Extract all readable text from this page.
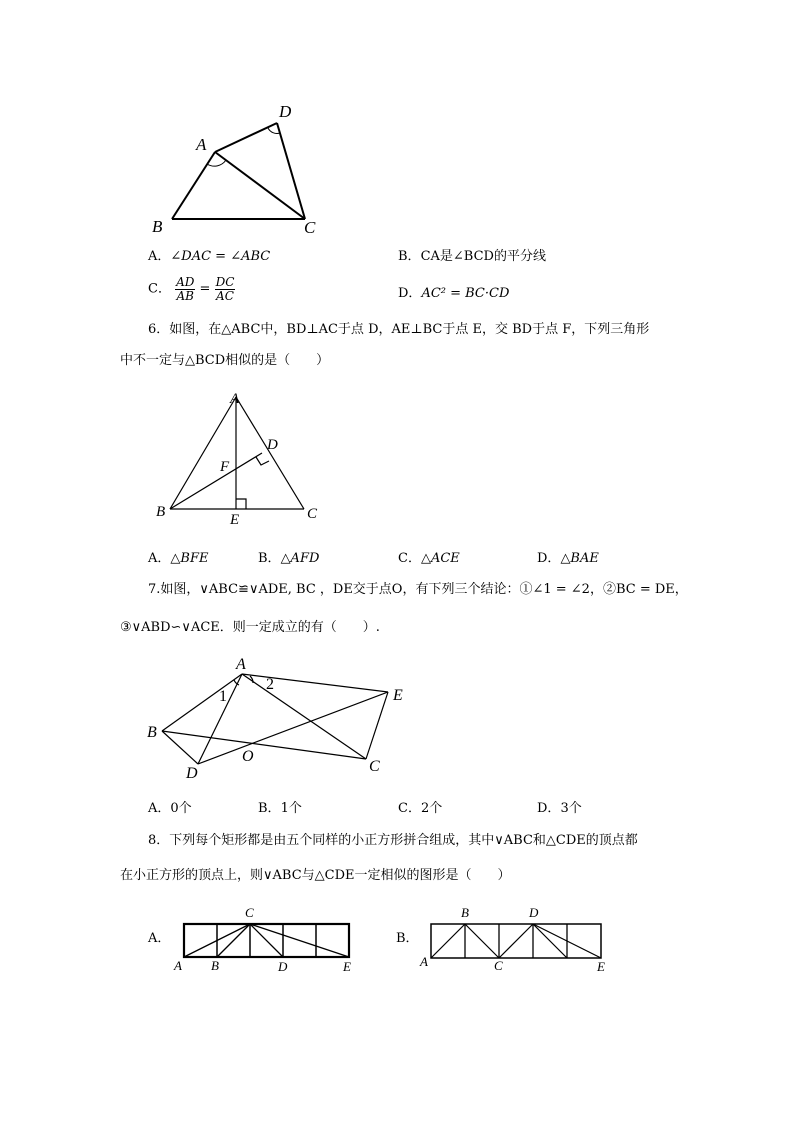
A
D
B	C
A．∠DAC = ∠ABC	B．CA是∠BCD的平分线
C． $\frac{AD}{AB} = \frac{DC}{AC}$	D．AC² = BC·CD
6．如图，在△ABC中，BD⊥AC于点 D，AE⊥BC于点 E，交 BD于点 F，下列三角形
中不一定与△BCD相似的是（　　）
A
D
F
B	E	C
A．△BFE	B．△AFD	C．△ACE	D．△BAE
7.如图，∨ABC≌∨ADE, BC ，DE交于点O，有下列三个结论：①∠1 = ∠2，②BC = DE，
③∨ABD∽∨ACE．则一定成立的有（　　）.
A
1
2
E
B
O
C
D
A．0个	B．1个	C．2个	D．3个
8．下列每个矩形都是由五个同样的小正方形拼合组成，其中∨ABC和△CDE的顶点都
在小正方形的顶点上，则∨ABC与△CDE一定相似的图形是（　　）
A．
C
A B	D	E
B．
B	D
A	C	E
